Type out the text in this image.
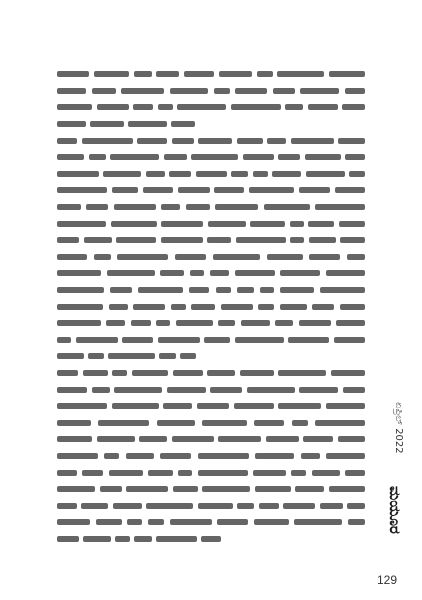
ಏಪ್ರಿಲ್ 2022
ಮಯೂರ
129
